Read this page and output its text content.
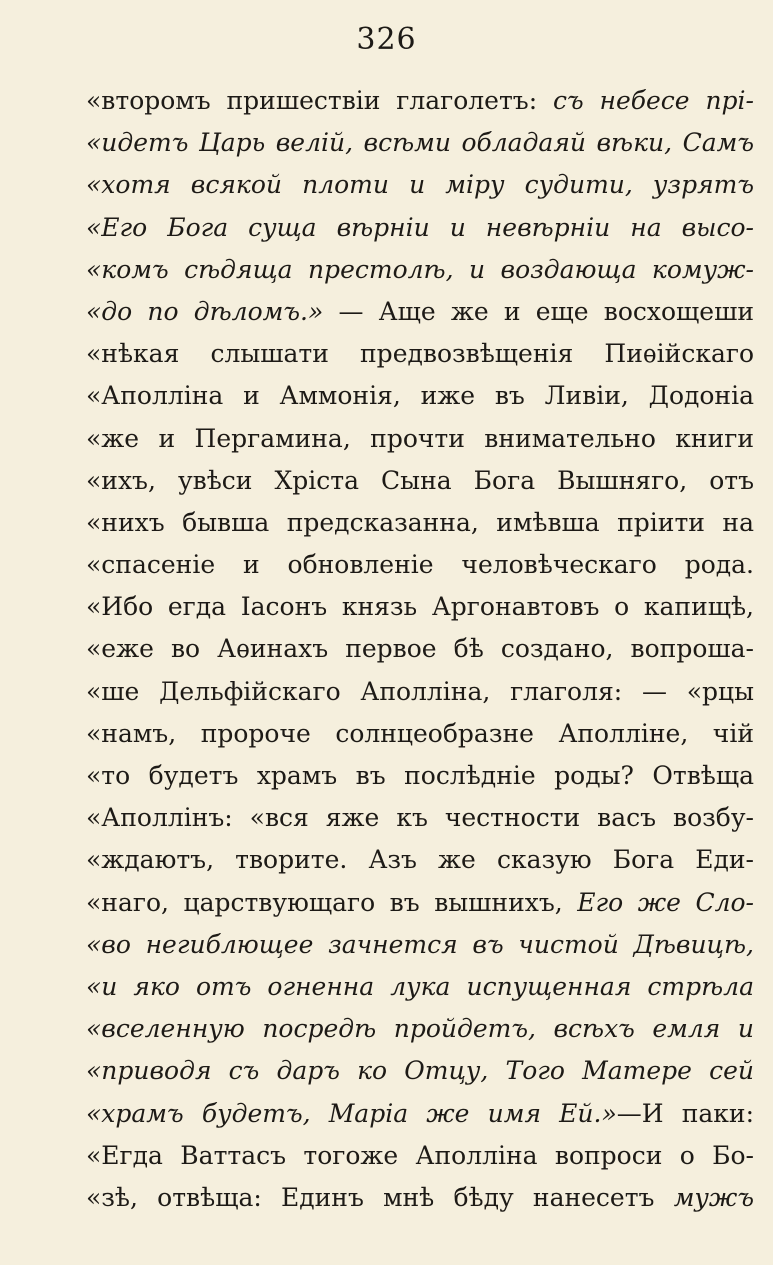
326
«второмъ пришествіи глаголетъ: съ небесе прі-
«идетъ Царь велій, всѣми обладаяй вѣки, Самъ
«хотя всякой плоти и міру судити, узрятъ
«Его Бога суща вѣрніи и невѣрніи на высо-
«комъ сѣдяща престолѣ, и воздающа комуж-
«до по дѣломъ.» — Аще же и еще восхощеши
«нѣкая слышати предвозвѣщенія Пиѳійскаго
«Аполліна и Аммонія, иже въ Ливіи, Додоніа
«же и Пергамина, прочти внимательно книги
«ихъ, увѣси Хріста Сына Бога Вышняго, отъ
«нихъ бывша предсказанна, имѣвша пріити на
«спасеніе и обновленіе человѣческаго рода.
«Ибо егда Іасонъ князь Аргонавтовъ о капищѣ,
«еже во Аѳинахъ первое бѣ создано, вопроша-
«ше Дельфійскаго Аполліна, глаголя: — «рцы
«намъ, пророче солнцеобразне Аполліне, чій
«то будетъ храмъ въ послѣдніе роды? Отвѣща
«Аполлінъ: «вся яже къ честности васъ возбу-
«ждаютъ, творите. Азъ же сказую Бога Еди-
«наго, царствующаго въ вышнихъ, Его же Сло-
«во негиблющее зачнется въ чистой Дѣвицѣ,
«и яко отъ огненна лука испущенная стрѣла
«вселенную посредѣ пройдетъ, всѣхъ емля и
«приводя съ даръ ко Отцу, Того Матере сей
«храмъ будетъ, Маріа же имя Ей.»—И паки:
«Егда Ваттасъ тогоже Аполліна вопроси о Бо-
«зѣ, отвѣща: Единъ мнѣ бѣду нанесетъ мужъ
